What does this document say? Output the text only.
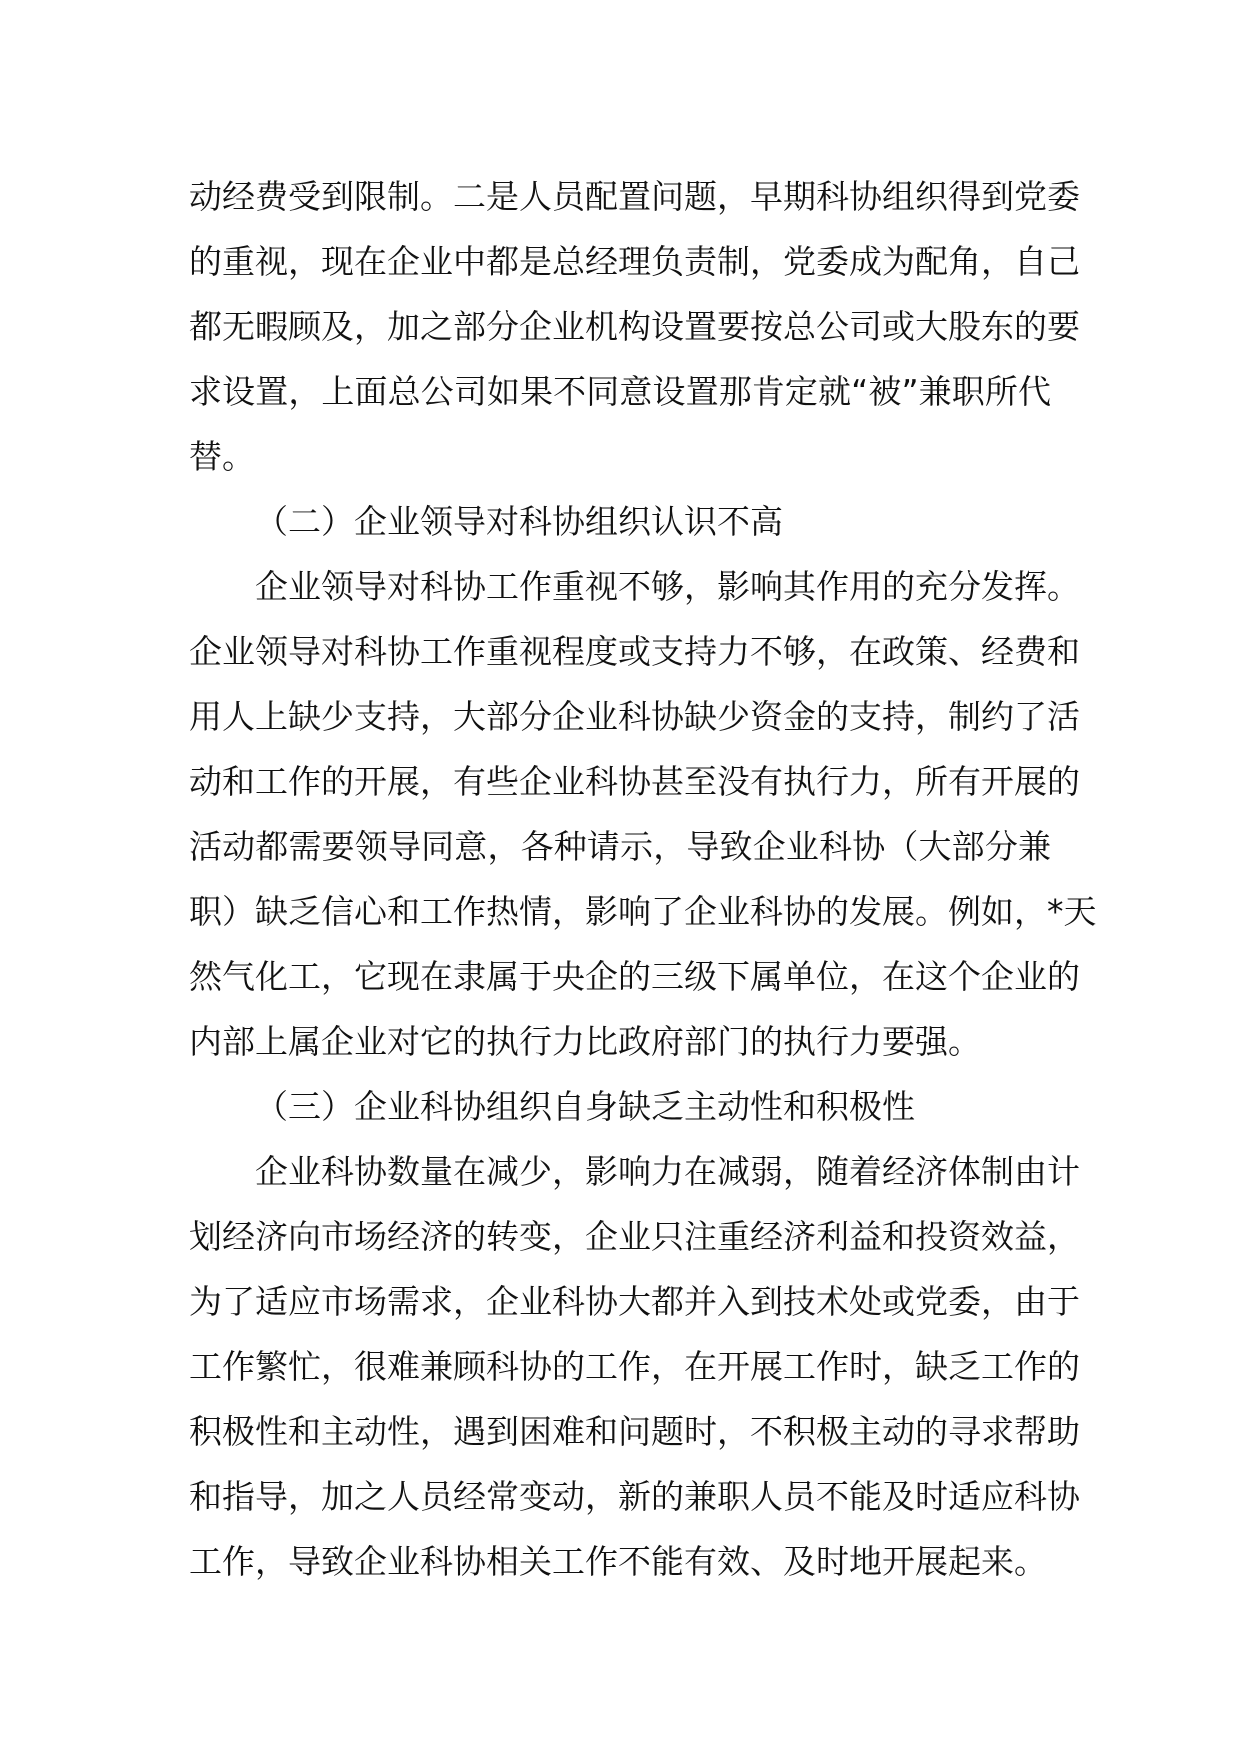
动经费受到限制。二是人员配置问题，早期科协组织得到党委
的重视，现在企业中都是总经理负责制，党委成为配角，自己
都无暇顾及，加之部分企业机构设置要按总公司或大股东的要
求设置，上面总公司如果不同意设置那肯定就“被”兼职所代
替。
（二）企业领导对科协组织认识不高
企业领导对科协工作重视不够，影响其作用的充分发挥。
企业领导对科协工作重视程度或支持力不够，在政策、经费和
用人上缺少支持，大部分企业科协缺少资金的支持，制约了活
动和工作的开展，有些企业科协甚至没有执行力，所有开展的
活动都需要领导同意，各种请示，导致企业科协（大部分兼
职）缺乏信心和工作热情，影响了企业科协的发展。例如，*天
然气化工，它现在隶属于央企的三级下属单位，在这个企业的
内部上属企业对它的执行力比政府部门的执行力要强。
（三）企业科协组织自身缺乏主动性和积极性
企业科协数量在减少，影响力在减弱，随着经济体制由计
划经济向市场经济的转变，企业只注重经济利益和投资效益，
为了适应市场需求，企业科协大都并入到技术处或党委，由于
工作繁忙，很难兼顾科协的工作，在开展工作时，缺乏工作的
积极性和主动性，遇到困难和问题时，不积极主动的寻求帮助
和指导，加之人员经常变动，新的兼职人员不能及时适应科协
工作，导致企业科协相关工作不能有效、及时地开展起来。
